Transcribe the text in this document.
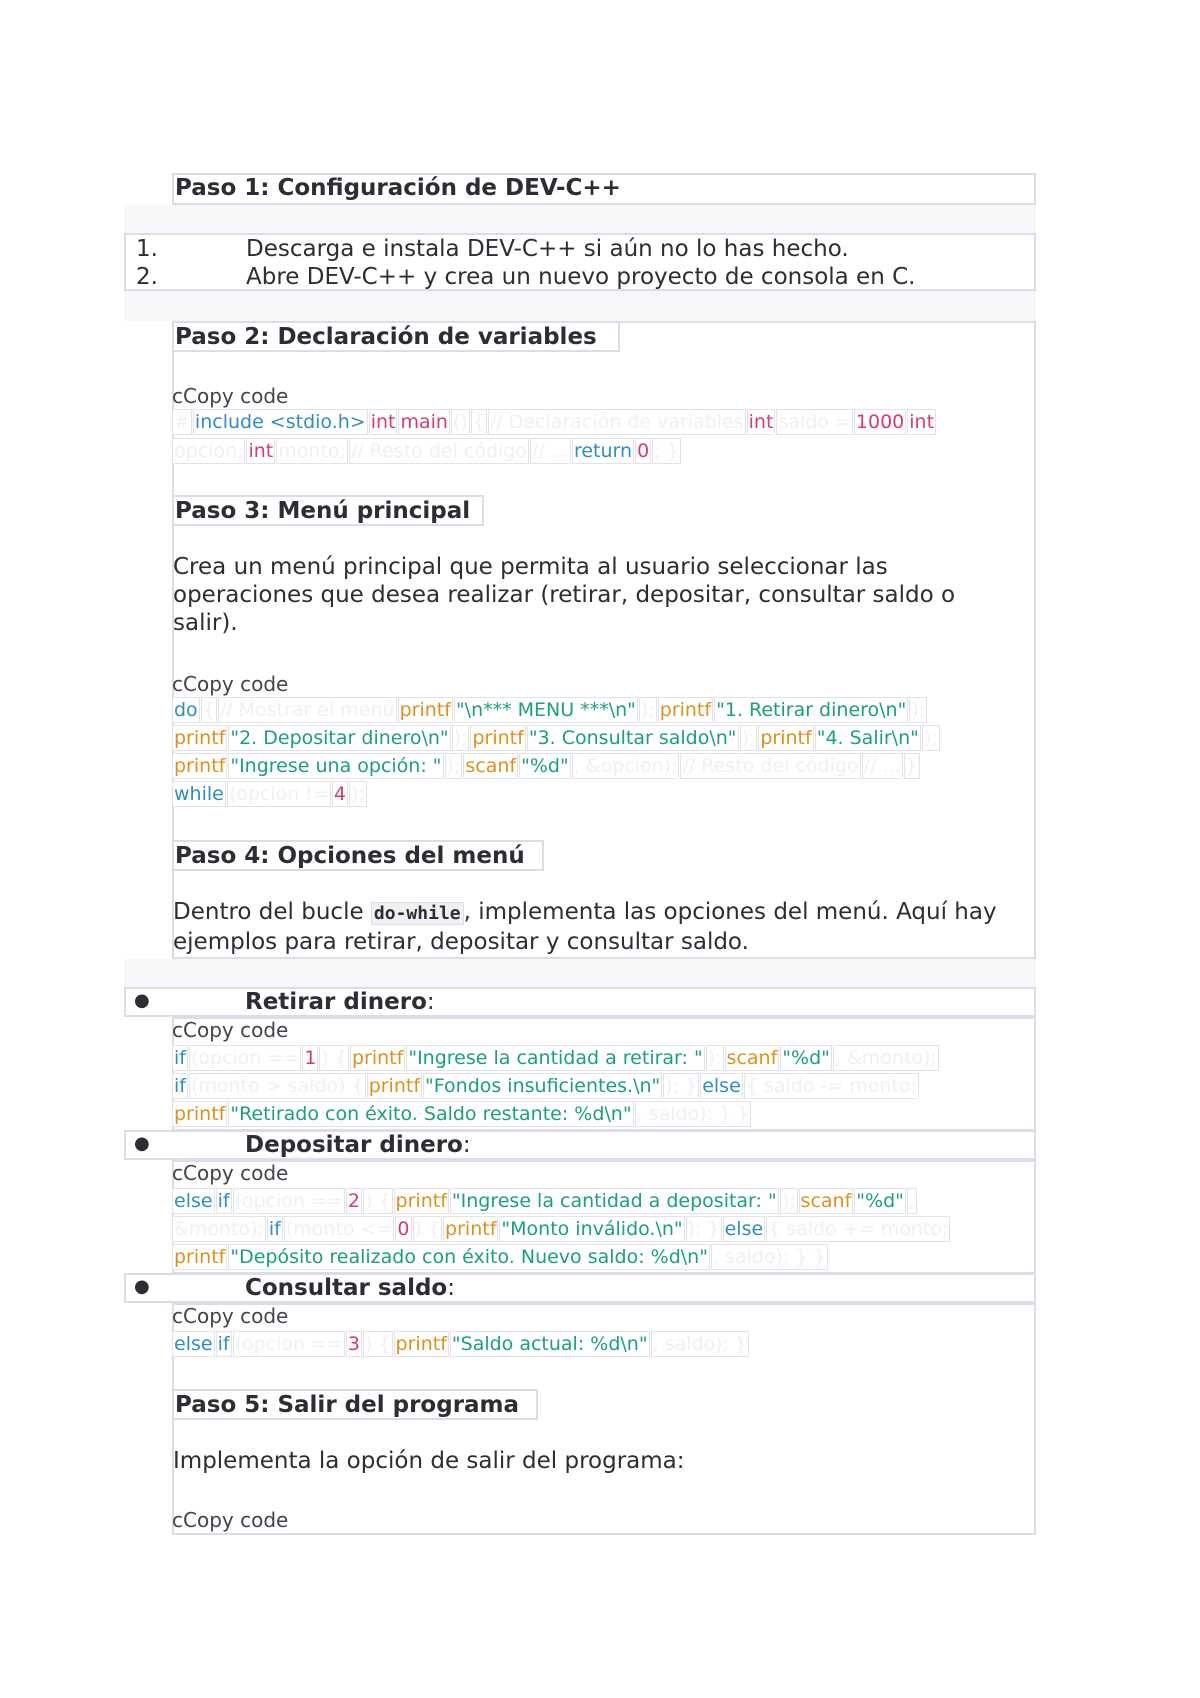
Paso 1: Configuración de DEV-C++
1.	Descarga e instala DEV-C++ si aún no lo has hecho.
2.	Abre DEV-C++ y crea un nuevo proyecto de consola en C.
Paso 2: Declaración de variables
cCopy code
# include <stdio.h> int main () { // Declaración de variables int saldo = 1000 int
opcion; int monto; // Resto del código // ... return 0 ; }
Paso 3: Menú principal
Crea un menú principal que permita al usuario seleccionar las operaciones que desea realizar (retirar, depositar, consultar saldo o salir).
cCopy code
do { // Mostrar el menú printf "\n*** MENU ***\n" ); printf "1. Retirar dinero\n" );
printf "2. Depositar dinero\n" ); printf "3. Consultar saldo\n" ); printf "4. Salir\n" );
printf "Ingrese una opción: " ); scanf "%d" , &opcion); // Resto del código // ... }
while (opcion != 4 );
Paso 4: Opciones del menú
Dentro del bucle do-while , implementa las opciones del menú. Aquí hay ejemplos para retirar, depositar y consultar saldo.
●	Retirar dinero:
cCopy code
if (opcion == 1 ) { printf "Ingrese la cantidad a retirar: " ); scanf "%d" , &monto);
if (monto > saldo) { printf "Fondos insuficientes.\n" ); } else { saldo -= monto;
printf "Retirado con éxito. Saldo restante: %d\n" , saldo); } }
●	Depositar dinero:
cCopy code
else if (opcion == 2 ) { printf "Ingrese la cantidad a depositar: " ); scanf "%d" ,
&monto); if (monto <= 0 ) { printf "Monto inválido.\n" ); } else { saldo += monto;
printf "Depósito realizado con éxito. Nuevo saldo: %d\n" , saldo); } }
●	Consultar saldo:
cCopy code
else if (opcion == 3 ) { printf "Saldo actual: %d\n" , saldo); }
Paso 5: Salir del programa
Implementa la opción de salir del programa:
cCopy code
